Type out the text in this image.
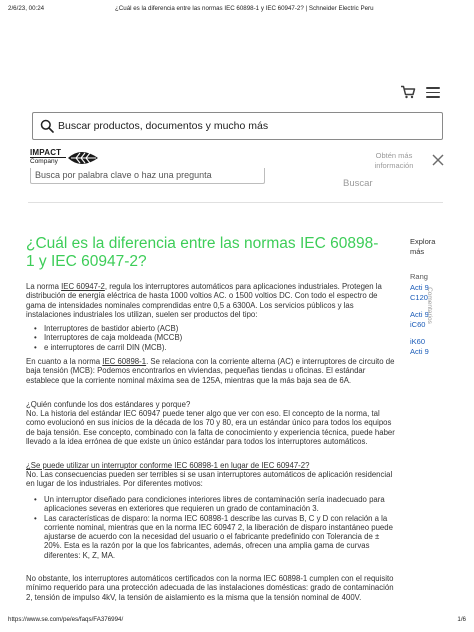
2/6/23, 00:24	¿Cuál es la diferencia entre las normas IEC 60898-1 y IEC 60947-2? | Schneider Electric Peru
Buscar productos, documentos y mucho más
IMPACT
Company
Obtén más información
Busca por palabra clave o haz una pregunta
Buscar
¿Cuál es la diferencia entre las normas IEC 60898-1 y IEC 60947-2?
Explora más
Rang
Acti 9
C120
Acti 9
iC60
iK60
Acti 9
Comentarios

La norma IEC 60947-2, regula los interruptores automáticos para aplicaciones industriales. Protegen la distribución de energía eléctrica de hasta 1000 voltios AC. o 1500 voltios DC. Con todo el espectro de gama de intensidades nominales comprendidas entre 0,5 a 6300A. Los servicios públicos y las instalaciones industriales los utilizan, suelen ser productos del tipo:

• Interruptores de bastidor abierto (ACB)
• Interruptores de caja moldeada (MCCB)
• e interruptores de carril DIN (MCB).

En cuanto a la norma IEC 60898-1. Se relaciona con la corriente alterna (AC) e interruptores de circuito de baja tensión (MCB): Podemos encontrarlos en viviendas, pequeñas tiendas u oficinas. El estándar establece que la corriente nominal máxima sea de 125A, mientras que la más baja sea de 6A.

¿Quién confunde los dos estándares y porque?

No. La historia del estándar IEC 60947 puede tener algo que ver con eso. El concepto de la norma, tal como evolucionó en sus inicios de la década de los 70 y 80, era un estándar único para todos los equipos de baja tensión. Ese concepto, combinado con la falta de conocimiento y experiencia técnica, puede haber llevado a la idea errónea de que existe un único estándar para todos los interruptores automáticos.

¿Se puede utilizar un interruptor conforme IEC 60898-1 en lugar de IEC 60947-2?

No. Las consecuencias pueden ser terribles si se usan interruptores automáticos de aplicación residencial en lugar de los industriales. Por diferentes motivos:

• Un interruptor diseñado para condiciones interiores libres de contaminación sería inadecuado para aplicaciones severas en exteriores que requieren un grado de contaminación 3.
• Las características de disparo: la norma IEC 60898-1 describe las curvas B, C y D con relación a la corriente nominal, mientras que en la norma IEC 60947 2, la liberación de disparo instantáneo puede ajustarse de acuerdo con la necesidad del usuario o el fabricante predefinido con Tolerancia de ± 20%. Esta es la razón por la que los fabricantes, además, ofrecen una amplia gama de curvas diferentes: K, Z, MA.

No obstante, los interruptores automáticos certificados con la norma IEC 60898-1 cumplen con el requisito mínimo requerido para una protección adecuada de las instalaciones domésticas: grado de contaminación 2, tensión de impulso 4kV, la tensión de aislamiento es la misma que la tensión nominal de 400V.

https://www.se.com/pe/es/faqs/FA376994/	1/6
